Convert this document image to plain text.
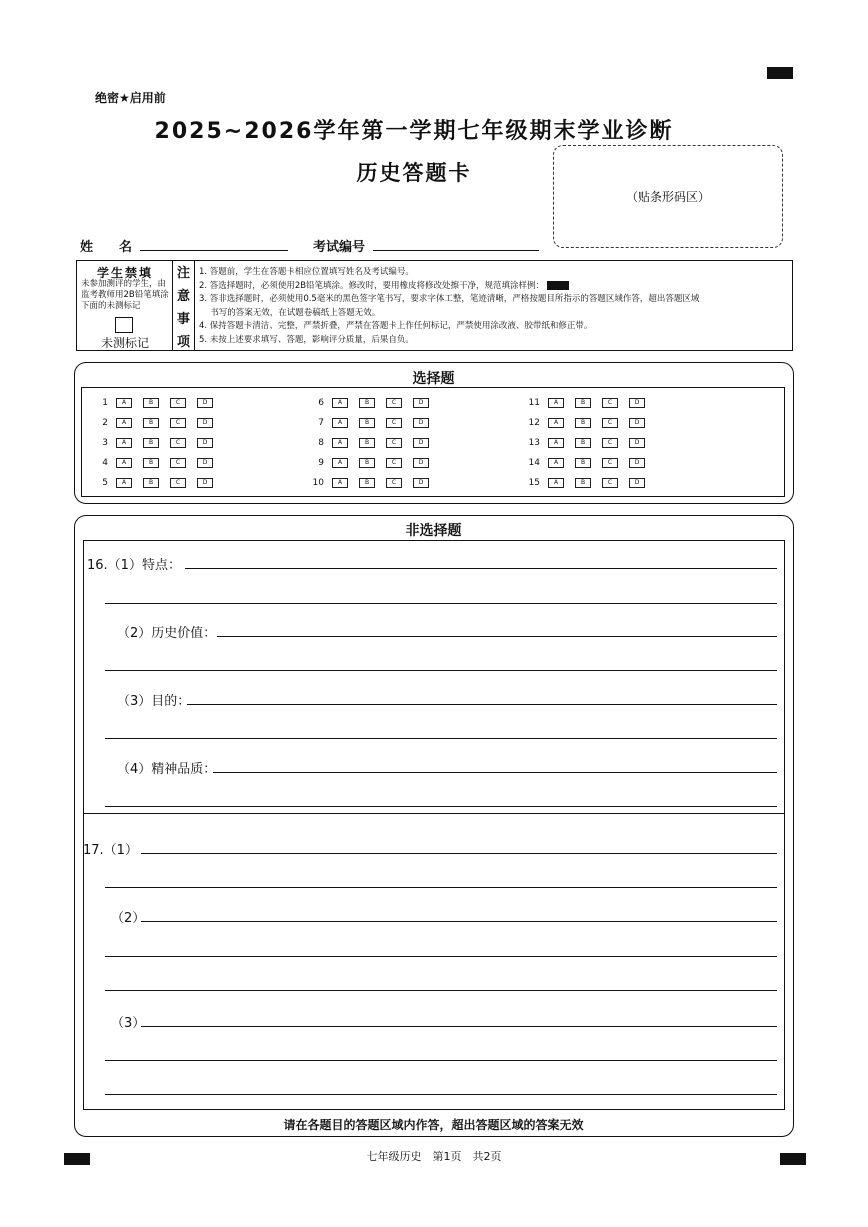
绝密★启用前
2025~2026学年第一学期七年级期末学业诊断
历史答题卡
（贴条形码区）
姓　　名	考试编号
学生禁填
未参加测评的学生，由监考教师用2B铅笔填涂下面的未测标记
未测标记
注
意
事
项
1. 答题前，学生在答题卡相应位置填写姓名及考试编号。
2. 答选择题时，必须使用2B铅笔填涂。修改时，要用橡皮将修改处擦干净，规范填涂样例：
3. 答非选择题时，必须使用0.5毫米的黑色签字笔书写，要求字体工整，笔迹清晰，严格按题目所指示的答题区域作答，超出答题区域
　 书写的答案无效，在试题卷稿纸上答题无效。
4. 保持答题卡清洁、完整，严禁折叠，严禁在答题卡上作任何标记，严禁使用涂改液、胶带纸和修正带。
5. 未按上述要求填写、答题，影响评分质量，后果自负。
选择题
1	A	B	C	D
2	A	B	C	D
3	A	B	C	D
4	A	B	C	D
5	A	B	C	D
6	A	B	C	D
7	A	B	C	D
8	A	B	C	D
9	A	B	C	D
10	A	B	C	D
11	A	B	C	D
12	A	B	C	D
13	A	B	C	D
14	A	B	C	D
15	A	B	C	D
非选择题
16.（1）特点：
（2）历史价值：
（3）目的：
（4）精神品质：
17.（1）
（2）
（3）
请在各题目的答题区域内作答，超出答题区域的答案无效
七年级历史　第1页　共2页
